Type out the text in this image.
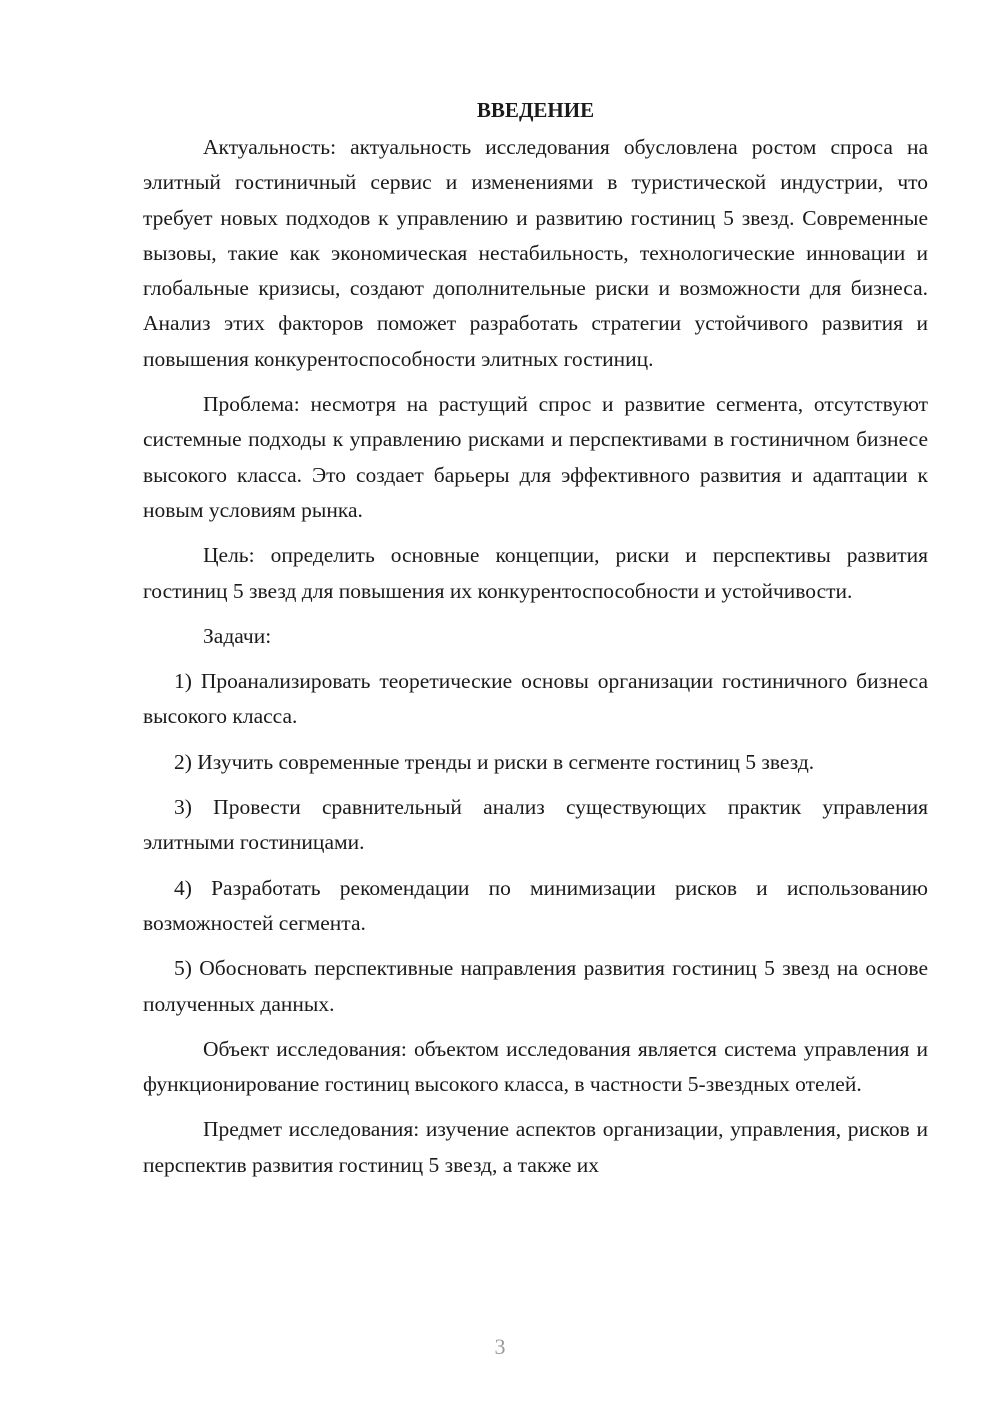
ВВЕДЕНИЕ

Актуальность: актуальность исследования обусловлена ростом спроса на элитный гостиничный сервис и изменениями в туристической индустрии, что требует новых подходов к управлению и развитию гостиниц 5 звезд. Современные вызовы, такие как экономическая нестабильность, технологические инновации и глобальные кризисы, создают дополнительные риски и возможности для бизнеса. Анализ этих факторов поможет разработать стратегии устойчивого развития и повышения конкурентоспособности элитных гостиниц.

Проблема: несмотря на растущий спрос и развитие сегмента, отсутствуют системные подходы к управлению рисками и перспективами в гостиничном бизнесе высокого класса. Это создает барьеры для эффективного развития и адаптации к новым условиям рынка.

Цель: определить основные концепции, риски и перспективы развития гостиниц 5 звезд для повышения их конкурентоспособности и устойчивости.

Задачи:

1) Проанализировать теоретические основы организации гостиничного бизнеса высокого класса.

2) Изучить современные тренды и риски в сегменте гостиниц 5 звезд.

3) Провести сравнительный анализ существующих практик управления элитными гостиницами.

4) Разработать рекомендации по минимизации рисков и использованию возможностей сегмента.

5) Обосновать перспективные направления развития гостиниц 5 звезд на основе полученных данных.

Объект исследования: объектом исследования является система управления и функционирование гостиниц высокого класса, в частности 5-звездных отелей.

Предмет исследования: изучение аспектов организации, управления, рисков и перспектив развития гостиниц 5 звезд, а также их

3
